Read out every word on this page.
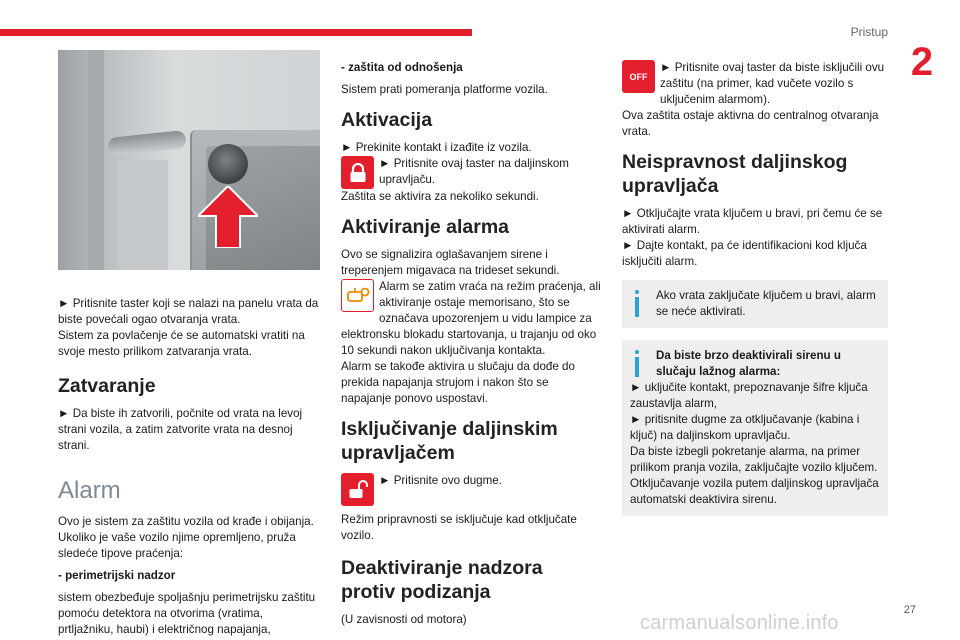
Pristup
2

► Pritisnite taster koji se nalazi na panelu vrata da biste povećali ogao otvaranja vrata.

Sistem za povlačenje će se automatski vratiti na svoje mesto prilikom zatvaranja vrata.

Zatvaranje

► Da biste ih zatvorili, počnite od vrata na levoj strani vozila, a zatim zatvorite vrata na desnoj strani.

Alarm

Ovo je sistem za zaštitu vozila od krađe i obijanja. Ukoliko je vaše vozilo njime opremljeno, pruža sledeće tipove praćenja:

- perimetrijski nadzor

sistem obezbeđuje spoljašnju perimetrijsku zaštitu pomoću detektora na otvorima (vratima, prtljažniku, haubi) i električnog napajanja,

- zaštita od odnošenja

Sistem prati pomeranja platforme vozila.

Aktivacija

► Prekinite kontakt i izađite iz vozila.

► Pritisnite ovaj taster na daljinskom upravljaču.

Zaštita se aktivira za nekoliko sekundi.

Aktiviranje alarma

Ovo se signalizira oglašavanjem sirene i treperenjem migavaca na trideset sekundi.

Alarm se zatim vraća na režim praćenja, ali aktiviranje ostaje memorisano, što se označava upozorenjem u vidu lampice za elektronsku blokadu startovanja, u trajanju od oko 10 sekundi nakon uključivanja kontakta.

Alarm se takođe aktivira u slučaju da dođe do prekida napajanja strujom i nakon što se napajanje ponovo uspostavi.

Isključivanje daljinskim upravljačem

► Pritisnite ovo dugme.

Režim pripravnosti se isključuje kad otključate vozilo.

Deaktiviranje nadzora protiv podizanja

(U zavisnosti od motora)

OFF

► Pritisnite ovaj taster da biste isključili ovu zaštitu (na primer, kad vučete vozilo s uključenim alarmom).

Ova zaštita ostaje aktivna do centralnog otvaranja vrata.

Neispravnost daljinskog upravljača

► Otključajte vrata ključem u bravi, pri čemu će se aktivirati alarm.

► Dajte kontakt, pa će identifikacioni kod ključa isključiti alarm.

Ako vrata zaključate ključem u bravi, alarm se neće aktivirati.

Da biste brzo deaktivirali sirenu u slučaju lažnog alarma:

► uključite kontakt, prepoznavanje šifre ključa zaustavlja alarm,

► pritisnite dugme za otključavanje (kabina i ključ) na daljinskom upravljaču.

Da biste izbegli pokretanje alarma, na primer prilikom pranja vozila, zaključajte vozilo ključem.

Otključavanje vozila putem daljinskog upravljača automatski deaktivira sirenu.

27
carmanualsonline.info
